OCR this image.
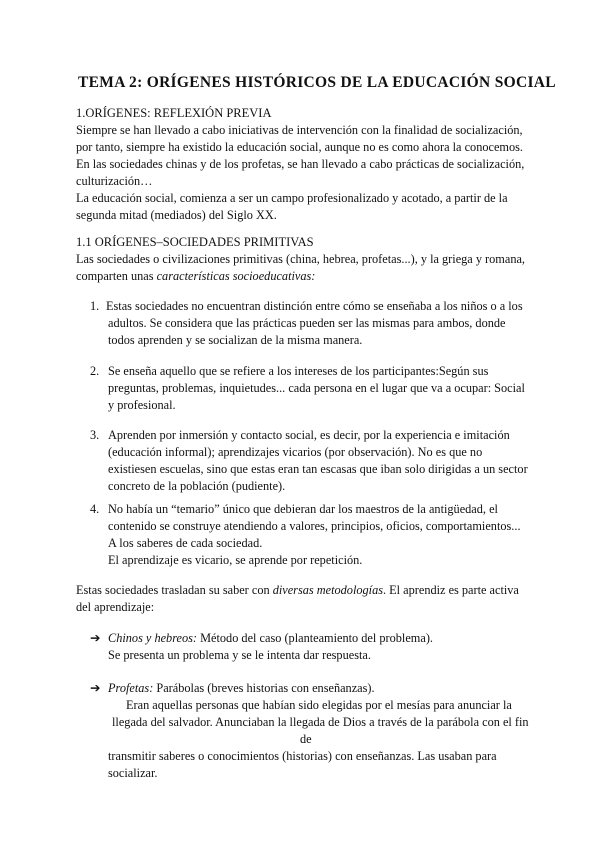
TEMA 2: ORÍGENES HISTÓRICOS DE LA EDUCACIÓN SOCIAL
1.ORÍGENES: REFLEXIÓN PREVIA
Siempre se han llevado a cabo iniciativas de intervención con la finalidad de socialización,
por tanto, siempre ha existido la educación social, aunque no es como ahora la conocemos.
En las sociedades chinas y de los profetas, se han llevado a cabo prácticas de socialización,
culturización…
La educación social, comienza a ser un campo profesionalizado y acotado, a partir de la
segunda mitad (mediados) del Siglo XX.
1.1 ORÍGENES–SOCIEDADES PRIMITIVAS
Las sociedades o civilizaciones primitivas (china, hebrea, profetas...), y la griega y romana,
comparten unas características socioeducativas:
1. Estas sociedades no encuentran distinción entre cómo se enseñaba a los niños o a los
adultos. Se considera que las prácticas pueden ser las mismas para ambos, donde
todos aprenden y se socializan de la misma manera.
2. Se enseña aquello que se refiere a los intereses de los participantes:Según sus
preguntas, problemas, inquietudes... cada persona en el lugar que va a ocupar: Social
y profesional.
3. Aprenden por inmersión y contacto social, es decir, por la experiencia e imitación
(educación informal); aprendizajes vicarios (por observación). No es que no
existiesen escuelas, sino que estas eran tan escasas que iban solo dirigidas a un sector
concreto de la población (pudiente).
4. No había un “temario” único que debieran dar los maestros de la antigüedad, el
contenido se construye atendiendo a valores, principios, oficios, comportamientos...
A los saberes de cada sociedad.
El aprendizaje es vicario, se aprende por repetición.
Estas sociedades trasladan su saber con diversas metodologías. El aprendiz es parte activa
del aprendizaje:
➔ Chinos y hebreos: Método del caso (planteamiento del problema).
Se presenta un problema y se le intenta dar respuesta.
➔ Profetas: Parábolas (breves historias con enseñanzas).
Eran aquellas personas que habían sido elegidas por el mesías para anunciar la
llegada del salvador. Anunciaban la llegada de Dios a través de la parábola con el fin
de
transmitir saberes o conocimientos (historias) con enseñanzas. Las usaban para
socializar.
